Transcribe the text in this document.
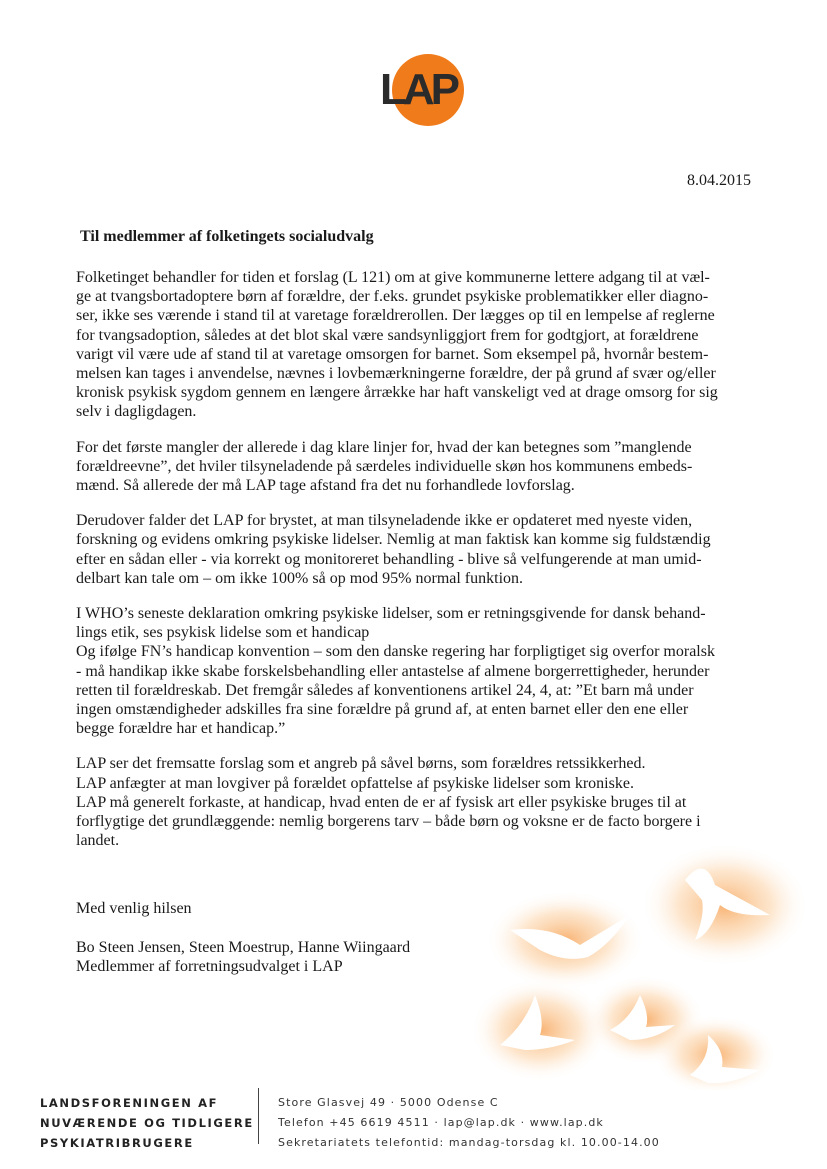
LAP
8.04.2015
Til medlemmer af folketingets socialudvalg

Folketinget behandler for tiden et forslag (L 121) om at give kommunerne lettere adgang til at væl-
ge at tvangsbortadoptere børn af forældre, der f.eks. grundet psykiske problematikker eller diagno-
ser, ikke ses værende i stand til at varetage forældrerollen. Der lægges op til en lempelse af reglerne
for tvangsadoption, således at det blot skal være sandsynliggjort frem for godtgjort, at forældrene
varigt vil være ude af stand til at varetage omsorgen for barnet. Som eksempel på, hvornår bestem-
melsen kan tages i anvendelse, nævnes i lovbemærkningerne forældre, der på grund af svær og/eller
kronisk psykisk sygdom gennem en længere årrække har haft vanskeligt ved at drage omsorg for sig
selv i dagligdagen.

For det første mangler der allerede i dag klare linjer for, hvad der kan betegnes som ”manglende
forældreevne”, det hviler tilsyneladende på særdeles individuelle skøn hos kommunens embeds-
mænd. Så allerede der må LAP tage afstand fra det nu forhandlede lovforslag.

Derudover falder det LAP for brystet, at man tilsyneladende ikke er opdateret med nyeste viden,
forskning og evidens omkring psykiske lidelser. Nemlig at man faktisk kan komme sig fuldstændig
efter en sådan eller - via korrekt og monitoreret behandling - blive så velfungerende at man umid-
delbart kan tale om – om ikke 100% så op mod 95% normal funktion.

I WHO’s seneste deklaration omkring psykiske lidelser, som er retningsgivende for dansk behand-
lings etik, ses psykisk lidelse som et handicap
Og ifølge FN’s handicap konvention – som den danske regering har forpligtiget sig overfor moralsk
- må handikap ikke skabe forskelsbehandling eller antastelse af almene borgerrettigheder, herunder
retten til forældreskab. Det fremgår således af konventionens artikel 24, 4, at: ”Et barn må under
ingen omstændigheder adskilles fra sine forældre på grund af, at enten barnet eller den ene eller
begge forældre har et handicap.”

LAP ser det fremsatte forslag som et angreb på såvel børns, som forældres retssikkerhed.
LAP anfægter at man lovgiver på forældet opfattelse af psykiske lidelser som kroniske.
LAP må generelt forkaste, at handicap, hvad enten de er af fysisk art eller psykiske bruges til at
forflygtige det grundlæggende: nemlig borgerens tarv – både børn og voksne er de facto borgere i
landet.

Med venlig hilsen
Bo Steen Jensen, Steen Moestrup, Hanne Wiingaard
Medlemmer af forretningsudvalget i LAP
LANDSFORENINGEN AF
NUVÆRENDE OG TIDLIGERE
PSYKIATRIBRUGERE
Store Glasvej 49 · 5000 Odense C
Telefon +45 6619 4511 · lap@lap.dk · www.lap.dk
Sekretariatets telefontid: mandag-torsdag kl. 10.00-14.00
